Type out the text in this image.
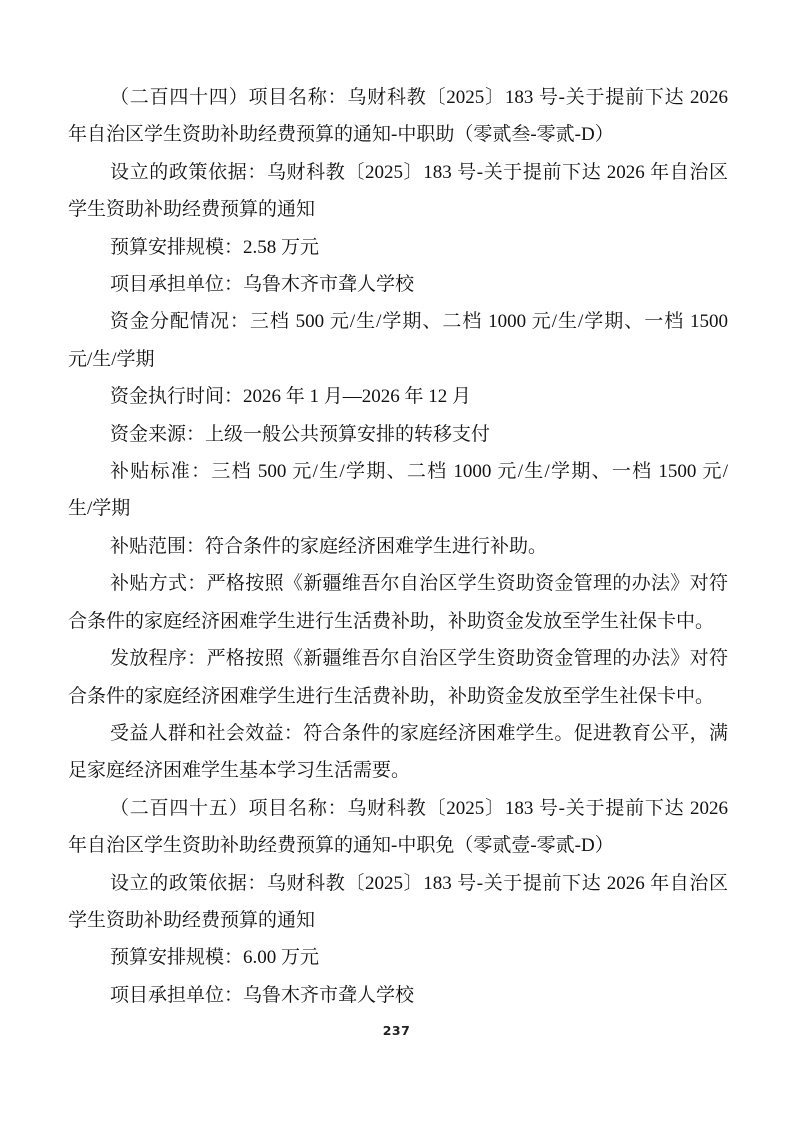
（二百四十四）项目名称：乌财科教〔2025〕183 号-关于提前下达 2026
年自治区学生资助补助经费预算的通知-中职助（零贰叁-零贰-D）

设立的政策依据：乌财科教〔2025〕183 号-关于提前下达 2026 年自治区
学生资助补助经费预算的通知

预算安排规模：2.58 万元

项目承担单位：乌鲁木齐市聋人学校

资金分配情况：三档 500 元/生/学期、二档 1000 元/生/学期、一档 1500
元/生/学期

资金执行时间：2026 年 1 月—2026 年 12 月

资金来源：上级一般公共预算安排的转移支付

补贴标准：三档 500 元/生/学期、二档 1000 元/生/学期、一档 1500 元/
生/学期

补贴范围：符合条件的家庭经济困难学生进行补助。

补贴方式：严格按照《新疆维吾尔自治区学生资助资金管理的办法》对符
合条件的家庭经济困难学生进行生活费补助，补助资金发放至学生社保卡中。

发放程序：严格按照《新疆维吾尔自治区学生资助资金管理的办法》对符
合条件的家庭经济困难学生进行生活费补助，补助资金发放至学生社保卡中。

受益人群和社会效益：符合条件的家庭经济困难学生。促进教育公平，满
足家庭经济困难学生基本学习生活需要。

（二百四十五）项目名称：乌财科教〔2025〕183 号-关于提前下达 2026
年自治区学生资助补助经费预算的通知-中职免（零贰壹-零贰-D）

设立的政策依据：乌财科教〔2025〕183 号-关于提前下达 2026 年自治区
学生资助补助经费预算的通知

预算安排规模：6.00 万元

项目承担单位：乌鲁木齐市聋人学校

237
